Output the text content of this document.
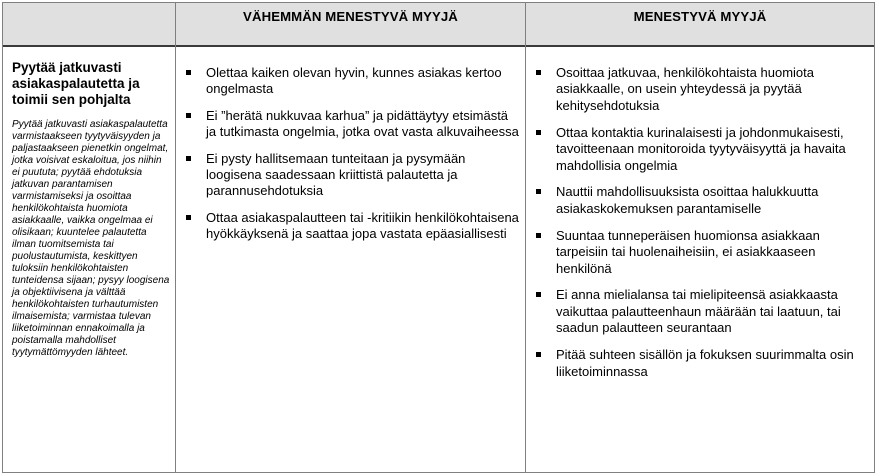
VÄHEMMÄN MENESTYVÄ MYYJÄ	MENESTYVÄ MYYJÄ

Pyytää jatkuvasti asiakaspalautetta ja toimii sen pohjalta

Pyytää jatkuvasti asiakaspalautetta varmistaakseen tyytyväisyyden ja paljastaakseen pienetkin ongelmat, jotka voisivat eskaloitua, jos niihin ei puututa; pyytää ehdotuksia jatkuvan parantamisen varmistamiseksi ja osoittaa henkilökohtaista huomiota asiakkaalle, vaikka ongelmaa ei olisikaan; kuuntelee palautetta ilman tuomitsemista tai puolustautumista, keskittyen tuloksiin henkilökohtaisten tunteidensa sijaan; pysyy loogisena ja objektiivisena ja välttää henkilökohtaisten turhautumisten ilmaisemista; varmistaa tulevan liiketoiminnan ennakoimalla ja poistamalla mahdolliset tyytymättömyyden lähteet.

Olettaa kaiken olevan hyvin, kunnes asiakas kertoo ongelmasta
Ei ”herätä nukkuvaa karhua” ja pidättäytyy etsimästä ja tutkimasta ongelmia, jotka ovat vasta alkuvaiheessa
Ei pysty hallitsemaan tunteitaan ja pysymään loogisena saadessaan kriittistä palautetta ja parannusehdotuksia
Ottaa asiakaspalautteen tai -kritiikin henkilökohtaisena hyökkäyksenä ja saattaa jopa vastata epäasiallisesti
Osoittaa jatkuvaa, henkilökohtaista huomiota asiakkaalle, on usein yhteydessä ja pyytää kehitysehdotuksia
Ottaa kontaktia kurinalaisesti ja johdonmukaisesti, tavoitteenaan monitoroida tyytyväisyyttä ja havaita mahdollisia ongelmia
Nauttii mahdollisuuksista osoittaa halukkuutta asiakaskokemuksen parantamiselle
Suuntaa tunneperäisen huomionsa asiakkaan tarpeisiin tai huolenaiheisiin, ei asiakkaaseen henkilönä
Ei anna mielialansa tai mielipiteensä asiakkaasta vaikuttaa palautteenhaun määrään tai laatuun, tai saadun palautteen seurantaan
Pitää suhteen sisällön ja fokuksen suurimmalta osin liiketoiminnassa
